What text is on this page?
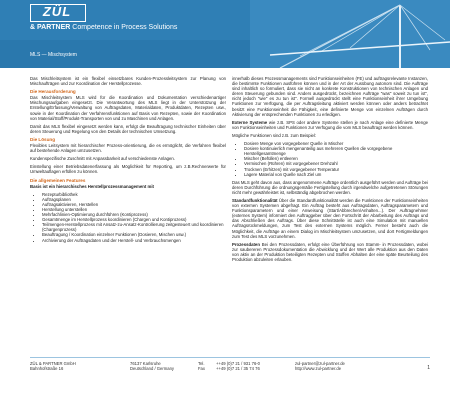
ZÜL
& PARTNER Competence in Process Solutions
MLS — Mischsystem

Das Mischleitsystem ist ein flexibel einsetzbares Kunden-Prozessleitsystem zur Planung von Mischaufträgen und zur Koordination der Herstellprozesse.

Die Herausforderung

Das Mischleitsystem MLS wird für die Koordination und Dokumentation verschiedenartiger Mischungsaufgaben eingesetzt. Die Verantwortung des MLS liegt in der Unterstützung der Erstellung/Erfassung/Verwaltung von Auftragsdaten, Materialdaten, Produktdaten, Rezepten usw., sowie in der Koordination der Verfahrensfunktionen auf Basis von Rezepten, sowie der Koordination von Material/Stoff/Produkt-Transporten von und zu Maschinen und Anlagen.

Damit das MLS flexibel eingesetzt werden kann, erfolgt die Beauftragung technischer Einheiten über deren Steuerung und Regelung von den Details der technischen Umsetzung.

Die Lösung

Flexibles Leitsystem mit hierarchischer Prozess-orientierung, die es ermöglicht, die Verfahren flexibel auf bestehende Anlagen umzusetzen.

Kundenspezifische Zuschnitt mit Anpassbarkeit auf verschiedenste Anlagen.

Einstellung einer Betriebsdatenerfassung als Möglichkeit für Reporting, um z.B.Rechnerwerte für Umweltauflagen erfüllen zu können.

Die allgemeinen Features

Basis ist ein hierarchisches Herstellprozessmanagement mit

• Rezepturbibliothek
• Auftragsplanen
• Auftragsaktivieren, Herstellen
• Herstellung unterstellen
• Mehrfachlinien-Optimierung durchführen (Kontiprozess)
• Gesamtmenge im Herstellprozess koordinieren (Chargen und Kontiprozess)
• Teilmengen-Herstellprozess mit Ansatz-zu-Ansatz-Kontrollierung zeitgesteuert und koordinieren (Chargenprozess)
• Beauftragung / Koordination einzelner Funktionen (Dosieren, Mischen usw.)
• Archivierung der Auftragsdaten und der Herstell- und Verbrauchsmengen

innerhalb dieses Prozessmanagements sind Funktionseinheiten (FE) und auftragsrelevante Instanzen, die bestimmte Funktionen ausführen können und in der Art der Ausübung autonom sind. Die Aufträge sind inhaltlich so formuliert, dass sie nicht an konkrete Konstruktionen von technischen Anlagen und deren Steuerung gebunden sind. Anders ausgedrückt, bezeichnen Aufträge "was" soweit zu tun ist", nicht jedoch "wie" es zu tun ist". Formell ausgedrückt stellt eine Funktionseinheit ihrer Umgebung Funktionen zur Verfügung, die per Auftragsleitung aktiviert werden können oder anders betrachtet besitzt eine Funktionseinheit die Fähigkeit, eine definierte Menge von einzelnen Aufträgen durch Aktivierung der entsprechenden Funktionen zu erledigen.

Externe Systeme wie z.B. SPS oder andere Systeme stellen je nach Anlage eine definierte Menge von Funktionseinheiten und Funktionen zur Verfügung die vom MLS beauftragt werden können.

Mögliche Funktionen sind z.B. zum Beispiel:

• Dosiere Menge von vorgegebener Quelle in Mischer
• Dosiere kontinuierlich mengenanteilig aus mehreren Quellen die vorgegebene Herstellgesamtmenge
• Mischer (Befüllen) entleeren
• Vermischen (Rühren) mit vorgegebener Drehzahl
• Trocknen (Erhitzen) mit vorgegebener Temperatur
• Lagere Material von Quelle nach Ziel um

Das MLS geht davon aus, dass angenommene Aufträge ordentlich ausgeführt werden und Aufträge bei deren Durchführung die ordnungsgemäße Fertigstellung durch irgendwelche aufgetretenen Störungen nicht mehr gewährleistet ist, selbständig abgebrochen werden.

Standardfunktionalität Über die Standardfunktionalität werden die Funktionen der Funktionseinheiten von externen Systemen abgefragt. Ein Auftrag besteht aus Auftragsdaten, Auftragsparametern und Funktionsparametern und einer Anweisung (Start/Abbrechen/Anhalten...). Der Auftragnehmer (externes System) informiert den Auftraggeber über den Fortschritt der Abarbeitung des Auftrags und das Abschließen des Auftrags. Über diese Schnittstelle ist auch eine Simulation mit manuellen Auftragsrückmeldungen, zum Test des externen Systems möglich. Ferner besteht auch die Möglichkeit, die Aufträge an einem Dialog im Mischleitsystem umzusetzen, und dort Fertigmeldungen zum Test des MLS vorzunehmen.

Prozessdaten Bei den Prozessdaten, erfolgt eine Überführung von Stamm- in Prozessdaten, wobei zur saubereren Prozessdokumentation die Abwicklung und der Wert alle Produktion aus den Daten von aktiv an der Produktion beteiligten Rezepten und Stoffen Abhalten der eine späte Beurteilung des Produktion abzuleiten erlauben.

ZÜL & PARTNER GmbH
Bahnhofstraße 16
76137 Karlsruhe
Deutschland / Germany
Tel.
Fax
++49 (0)7 21 / 931 76-0
++49 (0)7 21 / 35 74 76
zul-partner@zul-partner.de
http://www.zul-partner.de	1
